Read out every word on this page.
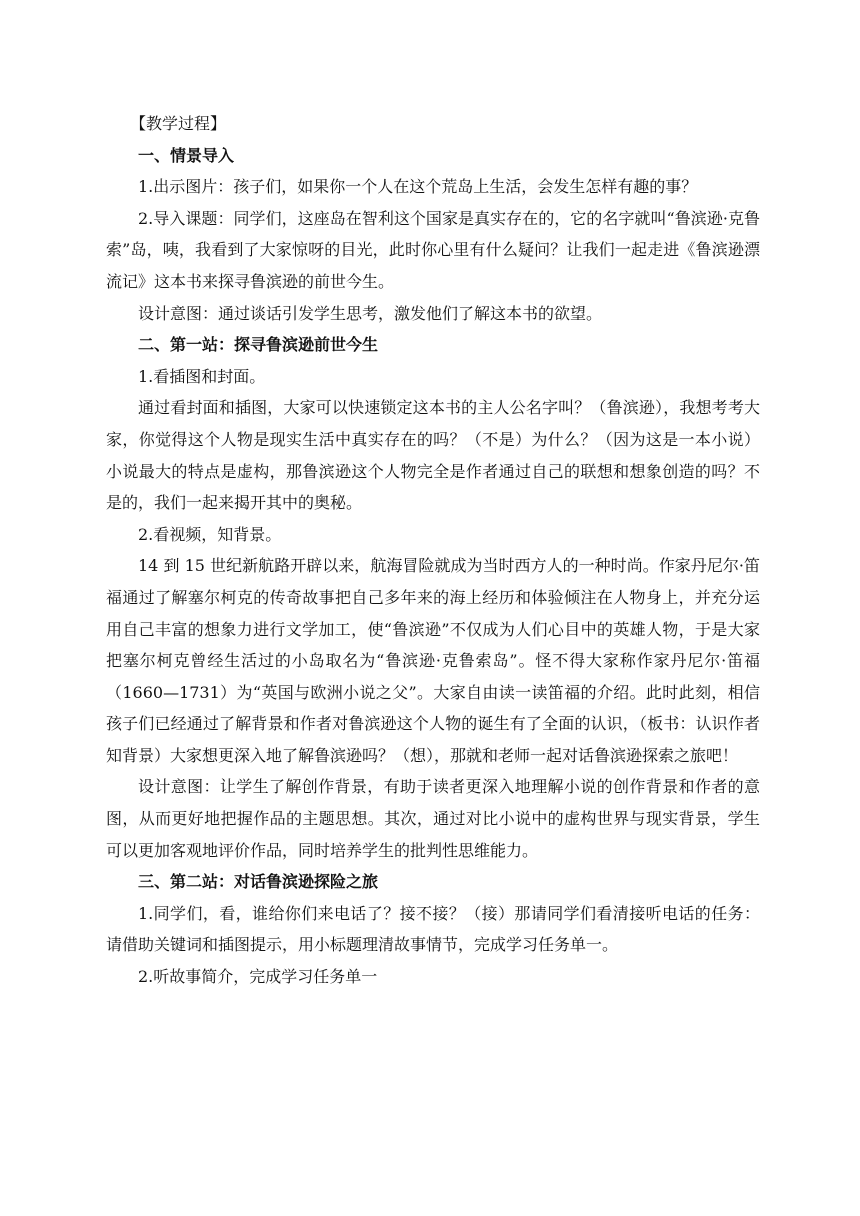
【教学过程】

一、情景导入

1.出示图片：孩子们，如果你一个人在这个荒岛上生活，会发生怎样有趣的事？

2.导入课题：同学们，这座岛在智利这个国家是真实存在的，它的名字就叫“鲁滨逊·克鲁索”岛，咦，我看到了大家惊呀的目光，此时你心里有什么疑问？让我们一起走进《鲁滨逊漂流记》这本书来探寻鲁滨逊的前世今生。

设计意图：通过谈话引发学生思考，激发他们了解这本书的欲望。

二、第一站：探寻鲁滨逊前世今生

1.看插图和封面。

通过看封面和插图，大家可以快速锁定这本书的主人公名字叫？（鲁滨逊），我想考考大家，你觉得这个人物是现实生活中真实存在的吗？（不是）为什么？（因为这是一本小说）小说最大的特点是虚构，那鲁滨逊这个人物完全是作者通过自己的联想和想象创造的吗？不是的，我们一起来揭开其中的奥秘。

2.看视频，知背景。

14 到 15 世纪新航路开辟以来，航海冒险就成为当时西方人的一种时尚。作家丹尼尔·笛福通过了解塞尔柯克的传奇故事把自己多年来的海上经历和体验倾注在人物身上，并充分运用自己丰富的想象力进行文学加工，使“鲁滨逊”不仅成为人们心目中的英雄人物，于是大家把塞尔柯克曾经生活过的小岛取名为“鲁滨逊·克鲁索岛”。怪不得大家称作家丹尼尔·笛福（1660—1731）为“英国与欧洲小说之父”。大家自由读一读笛福的介绍。此时此刻，相信孩子们已经通过了解背景和作者对鲁滨逊这个人物的诞生有了全面的认识，（板书：认识作者知背景）大家想更深入地了解鲁滨逊吗？（想），那就和老师一起对话鲁滨逊探索之旅吧！

设计意图：让学生了解创作背景，有助于读者更深入地理解小说的创作背景和作者的意图，从而更好地把握作品的主题思想。其次，通过对比小说中的虚构世界与现实背景，学生可以更加客观地评价作品，同时培养学生的批判性思维能力。

三、第二站：对话鲁滨逊探险之旅

1.同学们，看，谁给你们来电话了？接不接？（接）那请同学们看清接听电话的任务：请借助关键词和插图提示，用小标题理清故事情节，完成学习任务单一。

2.听故事简介，完成学习任务单一
